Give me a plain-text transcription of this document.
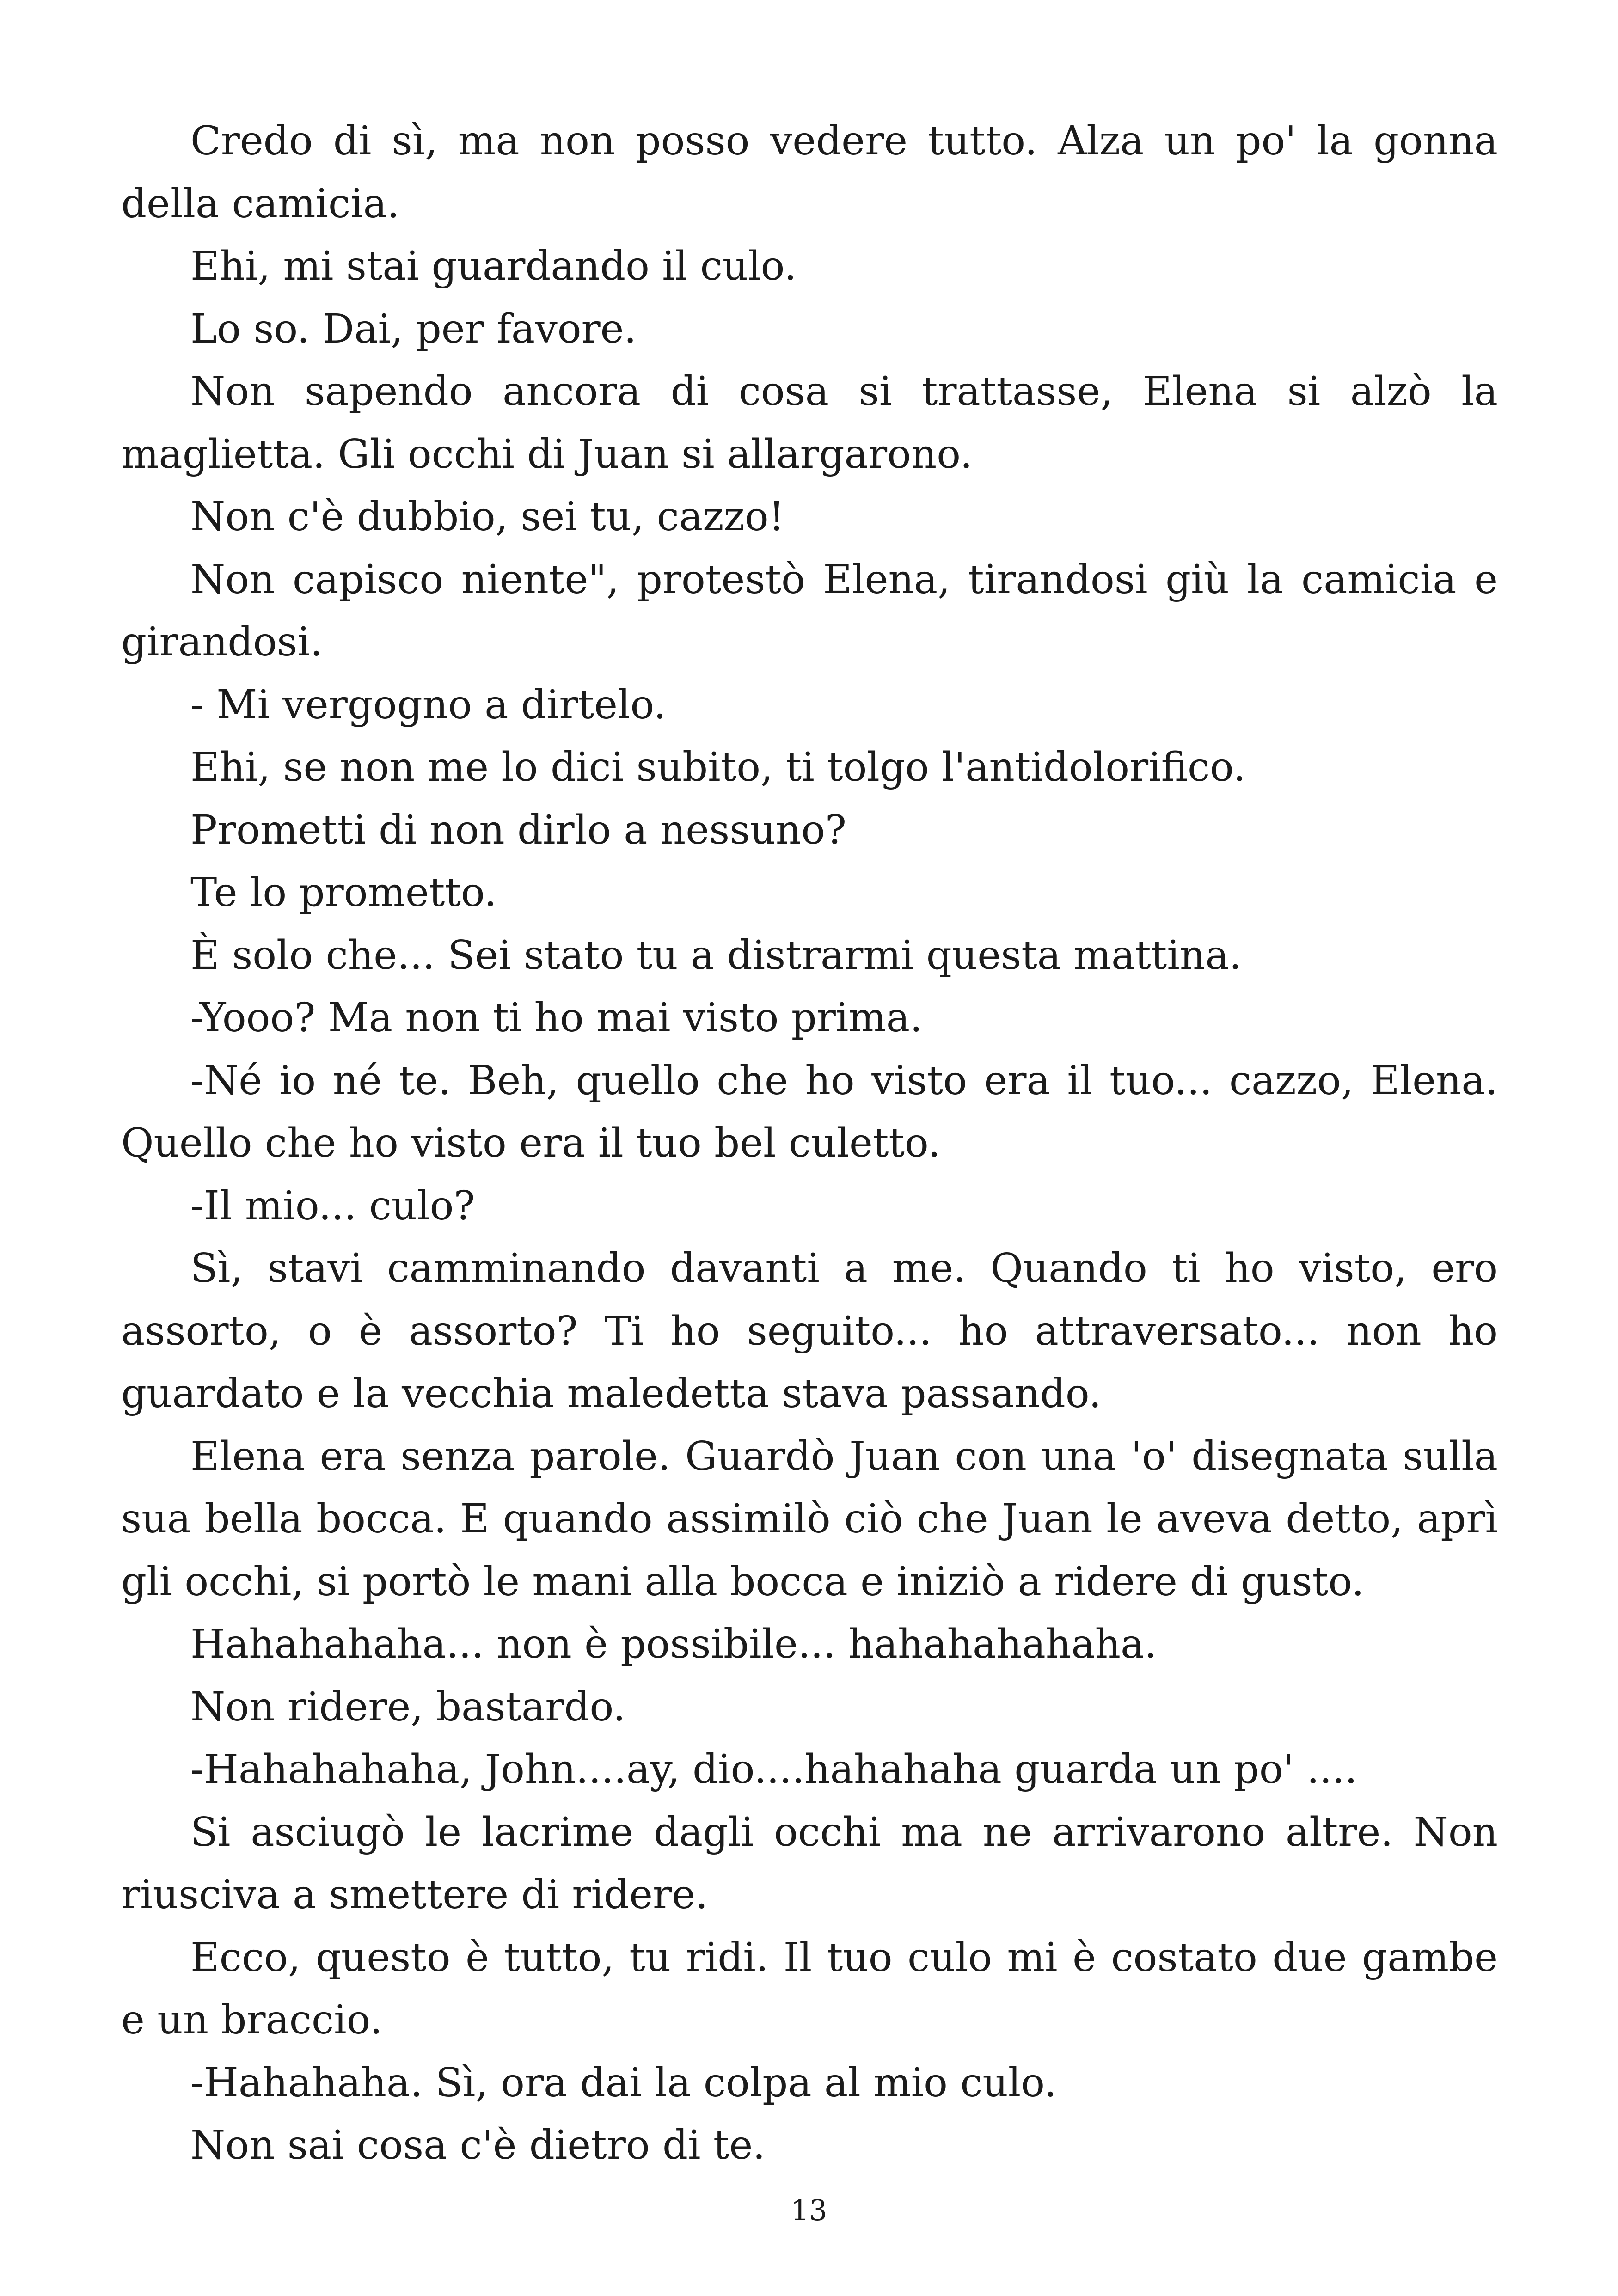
Credo di sì, ma non posso vedere tutto. Alza un po' la gonna della camicia.

Ehi, mi stai guardando il culo.

Lo so. Dai, per favore.

Non sapendo ancora di cosa si trattasse, Elena si alzò la maglietta. Gli occhi di Juan si allargarono.

Non c'è dubbio, sei tu, cazzo!

Non capisco niente", protestò Elena, tirandosi giù la camicia e girandosi.

- Mi vergogno a dirtelo.

Ehi, se non me lo dici subito, ti tolgo l'antidolorifico.

Prometti di non dirlo a nessuno?

Te lo prometto.

È solo che... Sei stato tu a distrarmi questa mattina.

-Yooo? Ma non ti ho mai visto prima.

-Né io né te. Beh, quello che ho visto era il tuo... cazzo, Elena. Quello che ho visto era il tuo bel culetto.

-Il mio... culo?

Sì, stavi camminando davanti a me. Quando ti ho visto, ero assorto, o è assorto? Ti ho seguito... ho attraversato... non ho guardato e la vecchia maledetta stava passando.

Elena era senza parole. Guardò Juan con una 'o' disegnata sulla sua bella bocca. E quando assimilò ciò che Juan le aveva detto, aprì gli occhi, si portò le mani alla bocca e iniziò a ridere di gusto.

Hahahahaha... non è possibile... hahahahahaha.

Non ridere, bastardo.

-Hahahahaha, John....ay, dio....hahahaha guarda un po' ....

Si asciugò le lacrime dagli occhi ma ne arrivarono altre. Non riusciva a smettere di ridere.

Ecco, questo è tutto, tu ridi. Il tuo culo mi è costato due gambe e un braccio.

-Hahahaha. Sì, ora dai la colpa al mio culo.

Non sai cosa c'è dietro di te.

13
